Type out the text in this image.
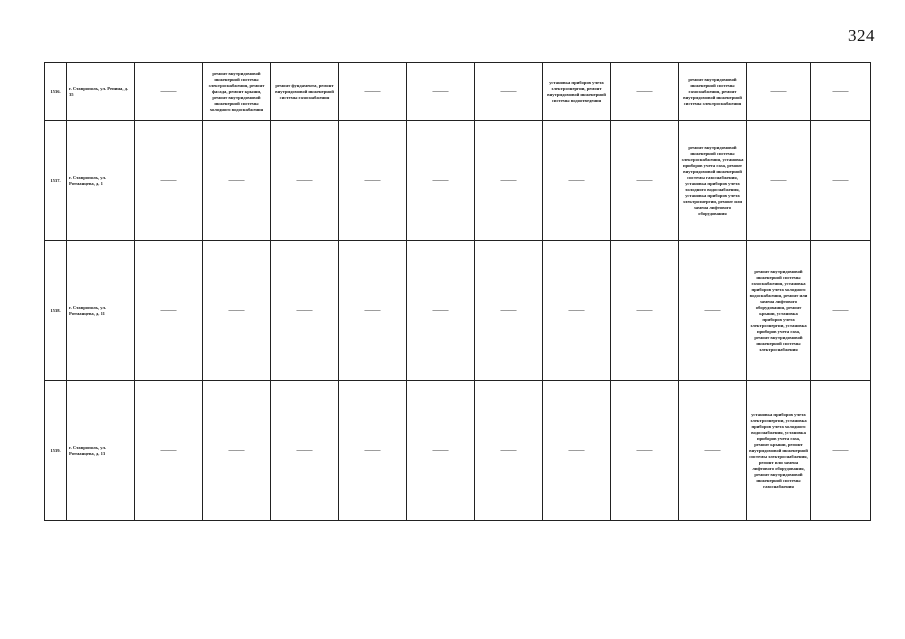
324
1536.	г. Ставрополь, ул. Репина, д. 35	——	ремонт внутридомовой инженерной системы электроснабжения, ремонт фасада, ремонт крыши, ремонт внутридомовой инженерной системы холодного водоснабжения	ремонт фундамента, ремонт внутридомовой инженерной системы газоснабжения	——	——	——	установка приборов учета электроэнергии, ремонт внутридомовой инженерной системы водоотведения	——	ремонт внутридомовой инженерной системы газоснабжения, ремонт внутридомовой инженерной системы электроснабжения	——	——
1537.	г. Ставрополь, ул. Ротманцева, д. 1	——	——	——	——	——	——	——	——	ремонт внутридомовой инженерной системы электроснабжения, установка приборов учета газа, ремонт внутридомовой инженерной системы газоснабжения, установка приборов учета холодного водоснабжения, установка приборов учета электроэнергии, ремонт или замена лифтового оборудования	——	——
1538.	г. Ставрополь, ул. Ротманцева, д. 11	——	——	——	——	——	——	——	——	——	ремонт внутридомовой инженерной системы газоснабжения, установка приборов учета холодного водоснабжения, ремонт или замена лифтового оборудования, ремонт крыши, установка приборов учета электроэнергии, установка приборов учета газа, ремонт внутридомовой инженерной системы электроснабжения	——
1539.	г. Ставрополь, ул. Ротманцева, д. 13	——	——	——	——	——	——	——	——	——	установка приборов учета электроэнергии, установка приборов учета холодного водоснабжения, установка приборов учета газа, ремонт крыши, ремонт внутридомовой инженерной системы электроснабжения, ремонт или замена лифтового оборудования, ремонт внутридомовой инженерной системы газоснабжения	——
